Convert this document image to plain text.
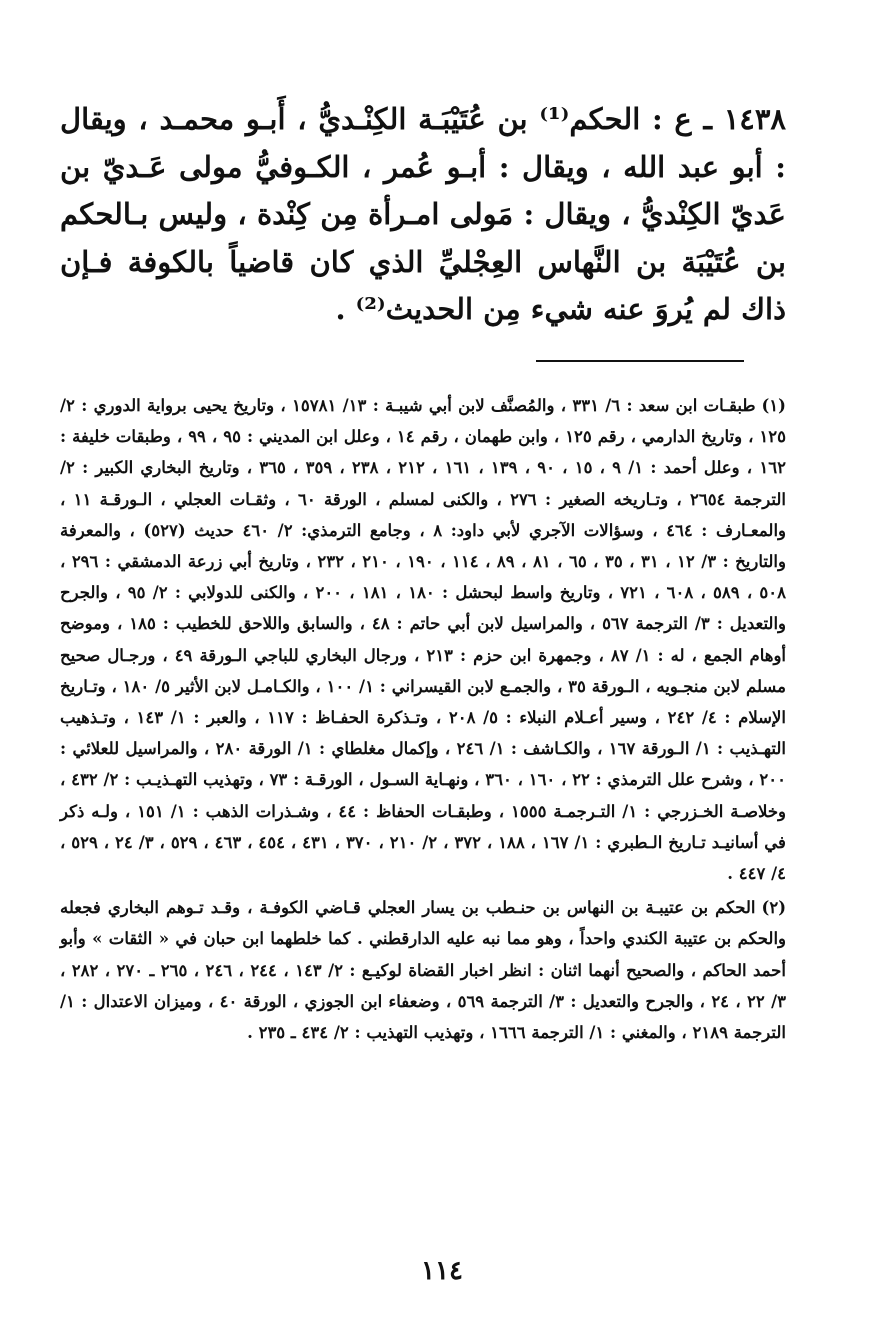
١٤٣٨ ـ ع : الحكم⁽¹⁾ بن عُتَيْبَـة الكِنْـديُّ ، أَبـو محمـد ، ويقال : أبو عبد الله ، ويقال : أبـو عُمر ، الكـوفيُّ مولى عَـديّ بن عَديّ الكِنْديُّ ، ويقال : مَولى امـرأة مِن كِنْدة ، وليس بـالحكم بن عُتَيْبَة بن النَّهاس العِجْليِّ الذي كان قاضياً بالكوفة فـإن ذاك لم يُروَ عنه شيء مِن الحديث⁽²⁾ .

(١)طبقـات ابن سعد : ٦/ ٣٣١ ، والمُصنَّف لابن أبي شيبـة : ١٣/ ١٥٧٨١ ، وتاريخ يحيى برواية الدوري : ٢/ ١٢٥ ، وتاريخ الدارمي ، رقم ١٢٥ ، وابن طهمان ، رقم ١٤ ، وعلل ابن المديني : ٩٥ ، ٩٩ ، وطبقات خليفة : ١٦٢ ، وعلل أحمد : ١/ ٩ ، ١٥ ، ٩٠ ، ١٣٩ ، ١٦١ ، ٢١٢ ، ٢٣٨ ، ٣٥٩ ، ٣٦٥ ، وتاريخ البخاري الكبير : ٢/ الترجمة ٢٦٥٤ ، وتـاريخه الصغير : ٢٧٦ ، والكنى لمسلم ، الورقة ٦٠ ، وثقـات العجلي ، الـورقـة ١١ ، والمعـارف : ٤٦٤ ، وسؤالات الآجري لأبي داود: ٨ ، وجامع الترمذي: ٢/ ٤٦٠ حديث (٥٢٧) ، والمعرفة والتاريخ : ٣/ ١٢ ، ٣١ ، ٣٥ ، ٦٥ ، ٨١ ، ٨٩ ، ١١٤ ، ١٩٠ ، ٢١٠ ، ٢٣٢ ، وتاريخ أبي زرعة الدمشقي : ٢٩٦ ، ٥٠٨ ، ٥٨٩ ، ٦٠٨ ، ٧٢١ ، وتاريخ واسط لبحشل : ١٨٠ ، ١٨١ ، ٢٠٠ ، والكنى للدولابي : ٢/ ٩٥ ، والجرح والتعديل : ٣/ الترجمة ٥٦٧ ، والمراسيل لابن أبي حاتم : ٤٨ ، والسابق واللاحق للخطيب : ١٨٥ ، وموضح أوهام الجمع ، له : ١/ ٨٧ ، وجمهرة ابن حزم : ٢١٣ ، ورجال البخاري للباجي الـورقة ٤٩ ، ورجـال صحيح مسلم لابن منجـويه ، الـورقة ٣٥ ، والجمـع لابن القيسراني : ١/ ١٠٠ ، والكـامـل لابن الأثير ٥/ ١٨٠ ، وتـاريخ الإسلام : ٤/ ٢٤٢ ، وسير أعـلام النبلاء : ٥/ ٢٠٨ ، وتـذكرة الحفـاظ : ١١٧ ، والعبر : ١/ ١٤٣ ، وتـذهيب التهـذيب : ١/ الـورقة ١٦٧ ، والكـاشف : ١/ ٢٤٦ ، وإكمال مغلطاي : ١/ الورقة ٢٨٠ ، والمراسيل للعلائي : ٢٠٠ ، وشرح علل الترمذي : ٢٢ ، ١٦٠ ، ٣٦٠ ، ونهـاية السـول ، الورقـة : ٧٣ ، وتهذيب التهـذيـب : ٢/ ٤٣٢ ، وخلاصـة الخـزرجي : ١/ التـرجمـة ١٥٥٥ ، وطبقـات الحفاظ : ٤٤ ، وشـذرات الذهب : ١/ ١٥١ ، ولـه ذكر في أسانيـد تـاريخ الـطبري : ١/ ١٦٧ ، ١٨٨ ، ٣٧٢ ، ٢/ ٢١٠ ، ٣٧٠ ، ٤٣١ ، ٤٥٤ ، ٤٦٣ ، ٥٢٩ ، ٣/ ٢٤ ، ٥٢٩ ، ٤/ ٤٤٧ .

(٢)الحكم بن عتيبـة بن النهاس بن حنـطب بن يسار العجلي قـاضي الكوفـة ، وقـد تـوهم البخاري فجعله والحكم بن عتيبة الكندي واحداً ، وهو مما نبه عليه الدارقطني . كما خلطهما ابن حبان في « الثقات » وأبو أحمد الحاكم ، والصحيح أنهما اثنان : انظر اخبار القضاة لوكيـع : ٢/ ١٤٣ ، ٢٤٤ ، ٢٤٦ ، ٢٦٥ ـ ٢٧٠ ، ٢٨٢ ، ٣/ ٢٢ ، ٢٤ ، والجرح والتعديل : ٣/ الترجمة ٥٦٩ ، وضعفاء ابن الجوزي ، الورقة ٤٠ ، وميزان الاعتدال : ١/ الترجمة ٢١٨٩ ، والمغني : ١/ الترجمة ١٦٦٦ ، وتهذيب التهذيب : ٢/ ٤٣٤ ـ ٢٣٥ .

١١٤
